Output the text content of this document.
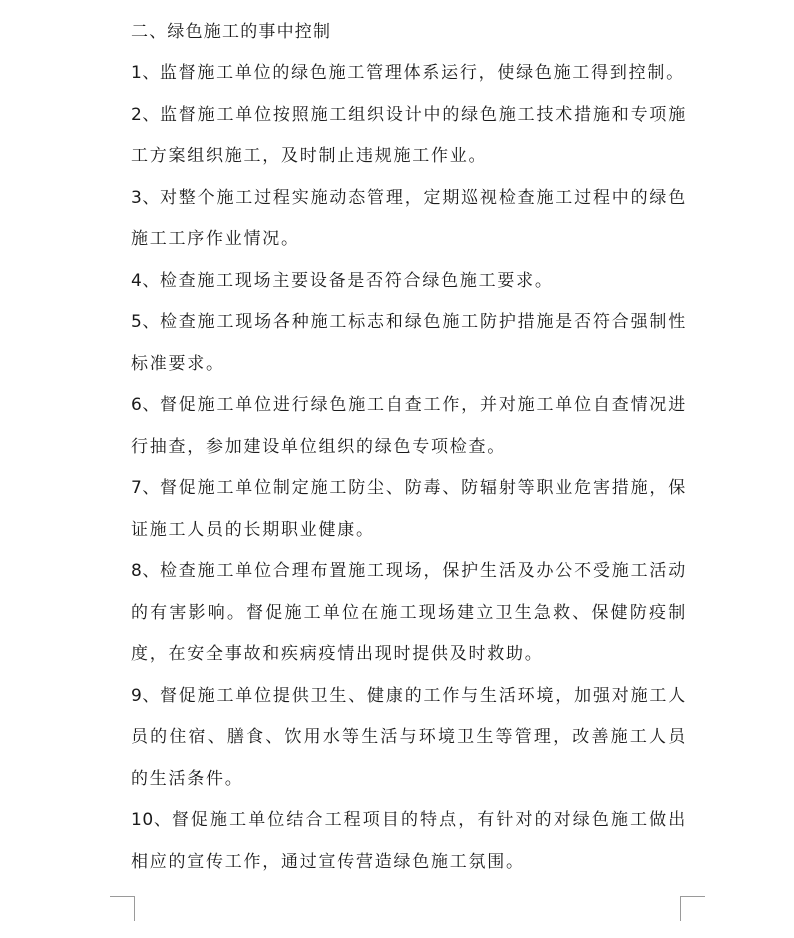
二、绿色施工的事中控制

1、监督施工单位的绿色施工管理体系运行，使绿色施工得到控制。

2、监督施工单位按照施工组织设计中的绿色施工技术措施和专项施工方案组织施工，及时制止违规施工作业。

3、对整个施工过程实施动态管理，定期巡视检查施工过程中的绿色施工工序作业情况。

4、检查施工现场主要设备是否符合绿色施工要求。

5、检查施工现场各种施工标志和绿色施工防护措施是否符合强制性标准要求。

6、督促施工单位进行绿色施工自查工作，并对施工单位自查情况进行抽查，参加建设单位组织的绿色专项检查。

7、督促施工单位制定施工防尘、防毒、防辐射等职业危害措施，保证施工人员的长期职业健康。

8、检查施工单位合理布置施工现场，保护生活及办公不受施工活动的有害影响。督促施工单位在施工现场建立卫生急救、保健防疫制度，在安全事故和疾病疫情出现时提供及时救助。

9、督促施工单位提供卫生、健康的工作与生活环境，加强对施工人员的住宿、膳食、饮用水等生活与环境卫生等管理，改善施工人员的生活条件。

10、督促施工单位结合工程项目的特点，有针对的对绿色施工做出相应的宣传工作，通过宣传营造绿色施工氛围。
